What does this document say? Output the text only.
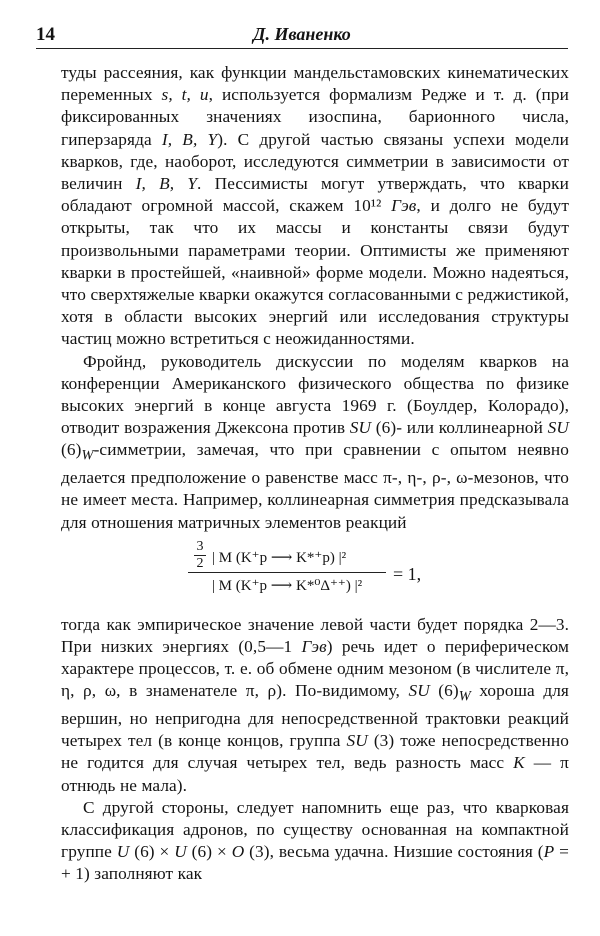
14	Д. Иваненко

туды рассеяния, как функции мандельстамовских кинематических переменных s, t, u, используется формализм Редже и т. д. (при фиксированных значениях изоспина, барионного числа, гиперзаряда I, B, Y). С другой частью связаны успехи модели кварков, где, наоборот, исследуются симметрии в зависимости от величин I, B, Y. Пессимисты могут утверждать, что кварки обладают огромной массой, скажем 10¹² Гэв, и долго не будут открыты, так что их массы и константы связи будут произвольными параметрами теории. Оптимисты же применяют кварки в простейшей, «наивной» форме модели. Можно надеяться, что сверхтяжелые кварки окажутся согласованными с реджистикой, хотя в области высоких энергий или исследования структуры частиц можно встретиться с неожиданностями.

Фройнд, руководитель дискуссии по моделям кварков на конференции Американского физического общества по физике высоких энергий в конце августа 1969 г. (Боулдер, Колорадо), отводит возражения Джексона против SU (6)- или коллинеарной SU $(6)_W$-симметрии, замечая, что при сравнении с опытом неявно делается предположение о равенстве масс π-, η-, ρ-, ω-мезонов, что не имеет места. Например, коллинеарная симметрия предсказывала для отношения матричных элементов реакций

3
2 | M (K⁺p ⟶ K*⁺p) |²
| M (K⁺p ⟶ K*⁰Δ⁺⁺) |²
= 1,

тогда как эмпирическое значение левой части будет порядка 2—3. При низких энергиях (0,5—1 Гэв) речь идет о периферическом характере процессов, т. е. об обмене одним мезоном (в числителе π, η, ρ, ω, в знаменателе π, ρ). По-видимому, SU $(6)_W$ хороша для вершин, но непригодна для непосредственной трактовки реакций четырех тел (в конце концов, группа SU (3) тоже непосредственно не годится для случая четырех тел, ведь разность масс K — π отнюдь не мала).

С другой стороны, следует напомнить еще раз, что кварковая классификация адронов, по существу основанная на компактной группе U (6) × U (6) × O (3), весьма удачна. Низшие состояния (P = + 1) заполняют как
